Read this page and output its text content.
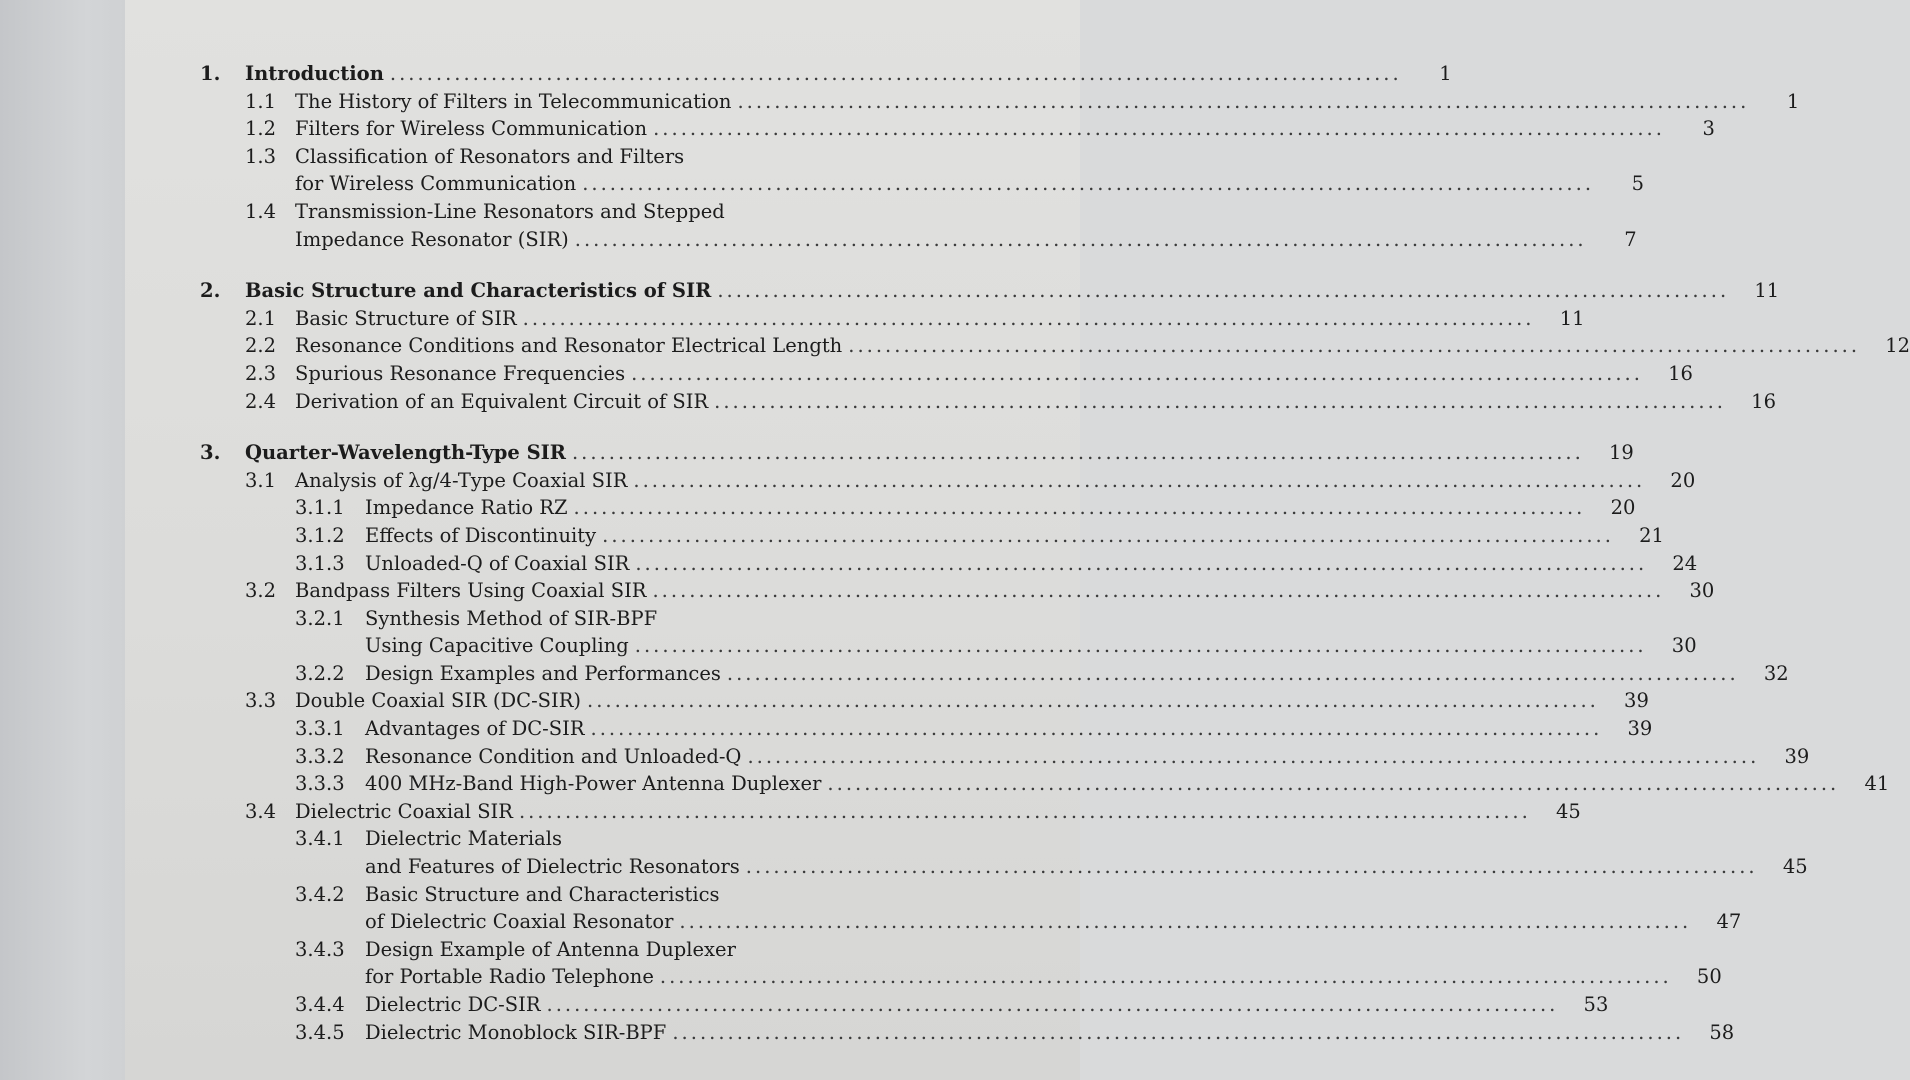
1.	Introduction ..............................................................................................................	1
1.1 The History of Filters in Telecommunication ..............................................................................................................	1
1.2 Filters for Wireless Communication ..............................................................................................................	3
1.3 Classification of Resonators and Filters
for Wireless Communication ..............................................................................................................	5
1.4 Transmission-Line Resonators and Stepped
Impedance Resonator (SIR) ..............................................................................................................	7
2.	Basic Structure and Characteristics of SIR ..............................................................................................................	11
2.1 Basic Structure of SIR ..............................................................................................................	11
2.2 Resonance Conditions and Resonator Electrical Length ..............................................................................................................	12
2.3 Spurious Resonance Frequencies ..............................................................................................................	16
2.4 Derivation of an Equivalent Circuit of SIR ..............................................................................................................	16
3.	Quarter-Wavelength-Type SIR ..............................................................................................................	19
3.1 Analysis of λg/4-Type Coaxial SIR ..............................................................................................................	20
3.1.1	Impedance Ratio RZ ..............................................................................................................	20
3.1.2	Effects of Discontinuity ..............................................................................................................	21
3.1.3	Unloaded-Q of Coaxial SIR ..............................................................................................................	24
3.2 Bandpass Filters Using Coaxial SIR ..............................................................................................................	30
3.2.1	Synthesis Method of SIR-BPF
Using Capacitive Coupling ..............................................................................................................	30
3.2.2	Design Examples and Performances ..............................................................................................................	32
3.3 Double Coaxial SIR (DC-SIR) ..............................................................................................................	39
3.3.1	Advantages of DC-SIR ..............................................................................................................	39
3.3.2	Resonance Condition and Unloaded-Q ..............................................................................................................	39
3.3.3	400 MHz-Band High-Power Antenna Duplexer ..............................................................................................................	41
3.4 Dielectric Coaxial SIR ..............................................................................................................	45
3.4.1	Dielectric Materials
and Features of Dielectric Resonators ..............................................................................................................	45
3.4.2	Basic Structure and Characteristics
of Dielectric Coaxial Resonator ..............................................................................................................	47
3.4.3	Design Example of Antenna Duplexer
for Portable Radio Telephone ..............................................................................................................	50
3.4.4	Dielectric DC-SIR ..............................................................................................................	53
3.4.5	Dielectric Monoblock SIR-BPF ..............................................................................................................	58
